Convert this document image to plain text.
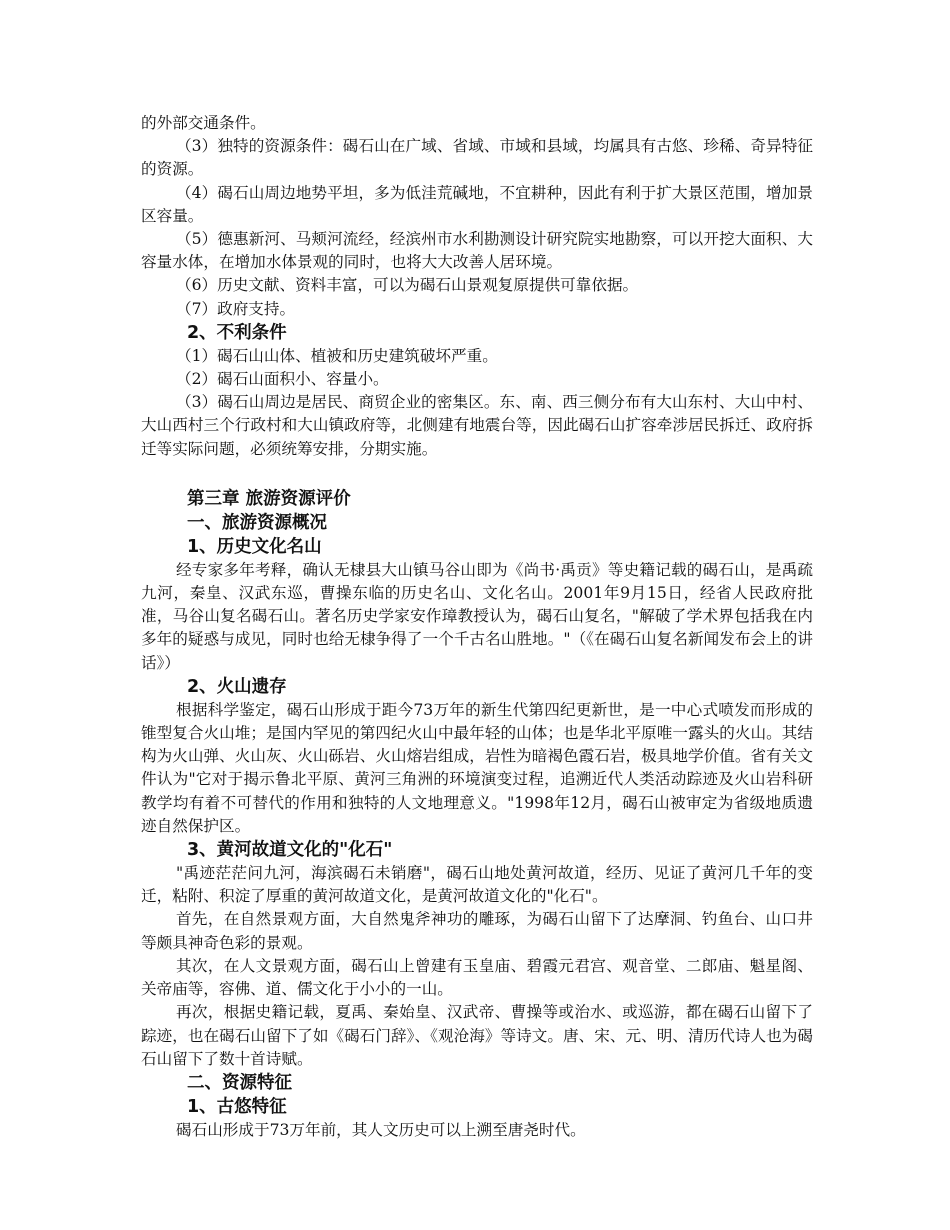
的外部交通条件。

（3）独特的资源条件：碣石山在广域、省域、市域和县域，均属具有古悠、珍稀、奇异特征的资源。

（4）碣石山周边地势平坦，多为低洼荒碱地，不宜耕种，因此有利于扩大景区范围，增加景区容量。

（5）德惠新河、马颊河流经，经滨州市水利勘测设计研究院实地勘察，可以开挖大面积、大容量水体，在增加水体景观的同时，也将大大改善人居环境。

（6）历史文献、资料丰富，可以为碣石山景观复原提供可靠依据。

（7）政府支持。

2、不利条件

（1）碣石山山体、植被和历史建筑破坏严重。

（2）碣石山面积小、容量小。

（3）碣石山周边是居民、商贸企业的密集区。东、南、西三侧分布有大山东村、大山中村、大山西村三个行政村和大山镇政府等，北侧建有地震台等，因此碣石山扩容牵涉居民拆迁、政府拆迁等实际问题，必须统筹安排，分期实施。

第三章 旅游资源评价

一、旅游资源概况

1、历史文化名山

经专家多年考释，确认无棣县大山镇马谷山即为《尚书·禹贡》等史籍记载的碣石山，是禹疏九河，秦皇、汉武东巡，曹操东临的历史名山、文化名山。2001年9月15日，经省人民政府批准，马谷山复名碣石山。著名历史学家安作璋教授认为，碣石山复名，"解破了学术界包括我在内多年的疑惑与成见，同时也给无棣争得了一个千古名山胜地。"（《在碣石山复名新闻发布会上的讲话》）

2、火山遗存

根据科学鉴定，碣石山形成于距今73万年的新生代第四纪更新世，是一中心式喷发而形成的锥型复合火山堆；是国内罕见的第四纪火山中最年轻的山体；也是华北平原唯一露头的火山。其结构为火山弹、火山灰、火山砾岩、火山熔岩组成，岩性为暗褐色霞石岩，极具地学价值。省有关文件认为"它对于揭示鲁北平原、黄河三角洲的环境演变过程，追溯近代人类活动踪迹及火山岩科研教学均有着不可替代的作用和独特的人文地理意义。"1998年12月，碣石山被审定为省级地质遗迹自然保护区。

3、黄河故道文化的"化石"

"禹迹茫茫问九河，海滨碣石未销磨"，碣石山地处黄河故道，经历、见证了黄河几千年的变迁，粘附、积淀了厚重的黄河故道文化，是黄河故道文化的"化石"。

首先，在自然景观方面，大自然鬼斧神功的雕琢，为碣石山留下了达摩洞、钓鱼台、山口井等颇具神奇色彩的景观。

其次，在人文景观方面，碣石山上曾建有玉皇庙、碧霞元君宫、观音堂、二郎庙、魁星阁、关帝庙等，容佛、道、儒文化于小小的一山。

再次，根据史籍记载，夏禹、秦始皇、汉武帝、曹操等或治水、或巡游，都在碣石山留下了踪迹，也在碣石山留下了如《碣石门辞》、《观沧海》等诗文。唐、宋、元、明、清历代诗人也为碣石山留下了数十首诗赋。

二、资源特征

1、古悠特征

碣石山形成于73万年前，其人文历史可以上溯至唐尧时代。
